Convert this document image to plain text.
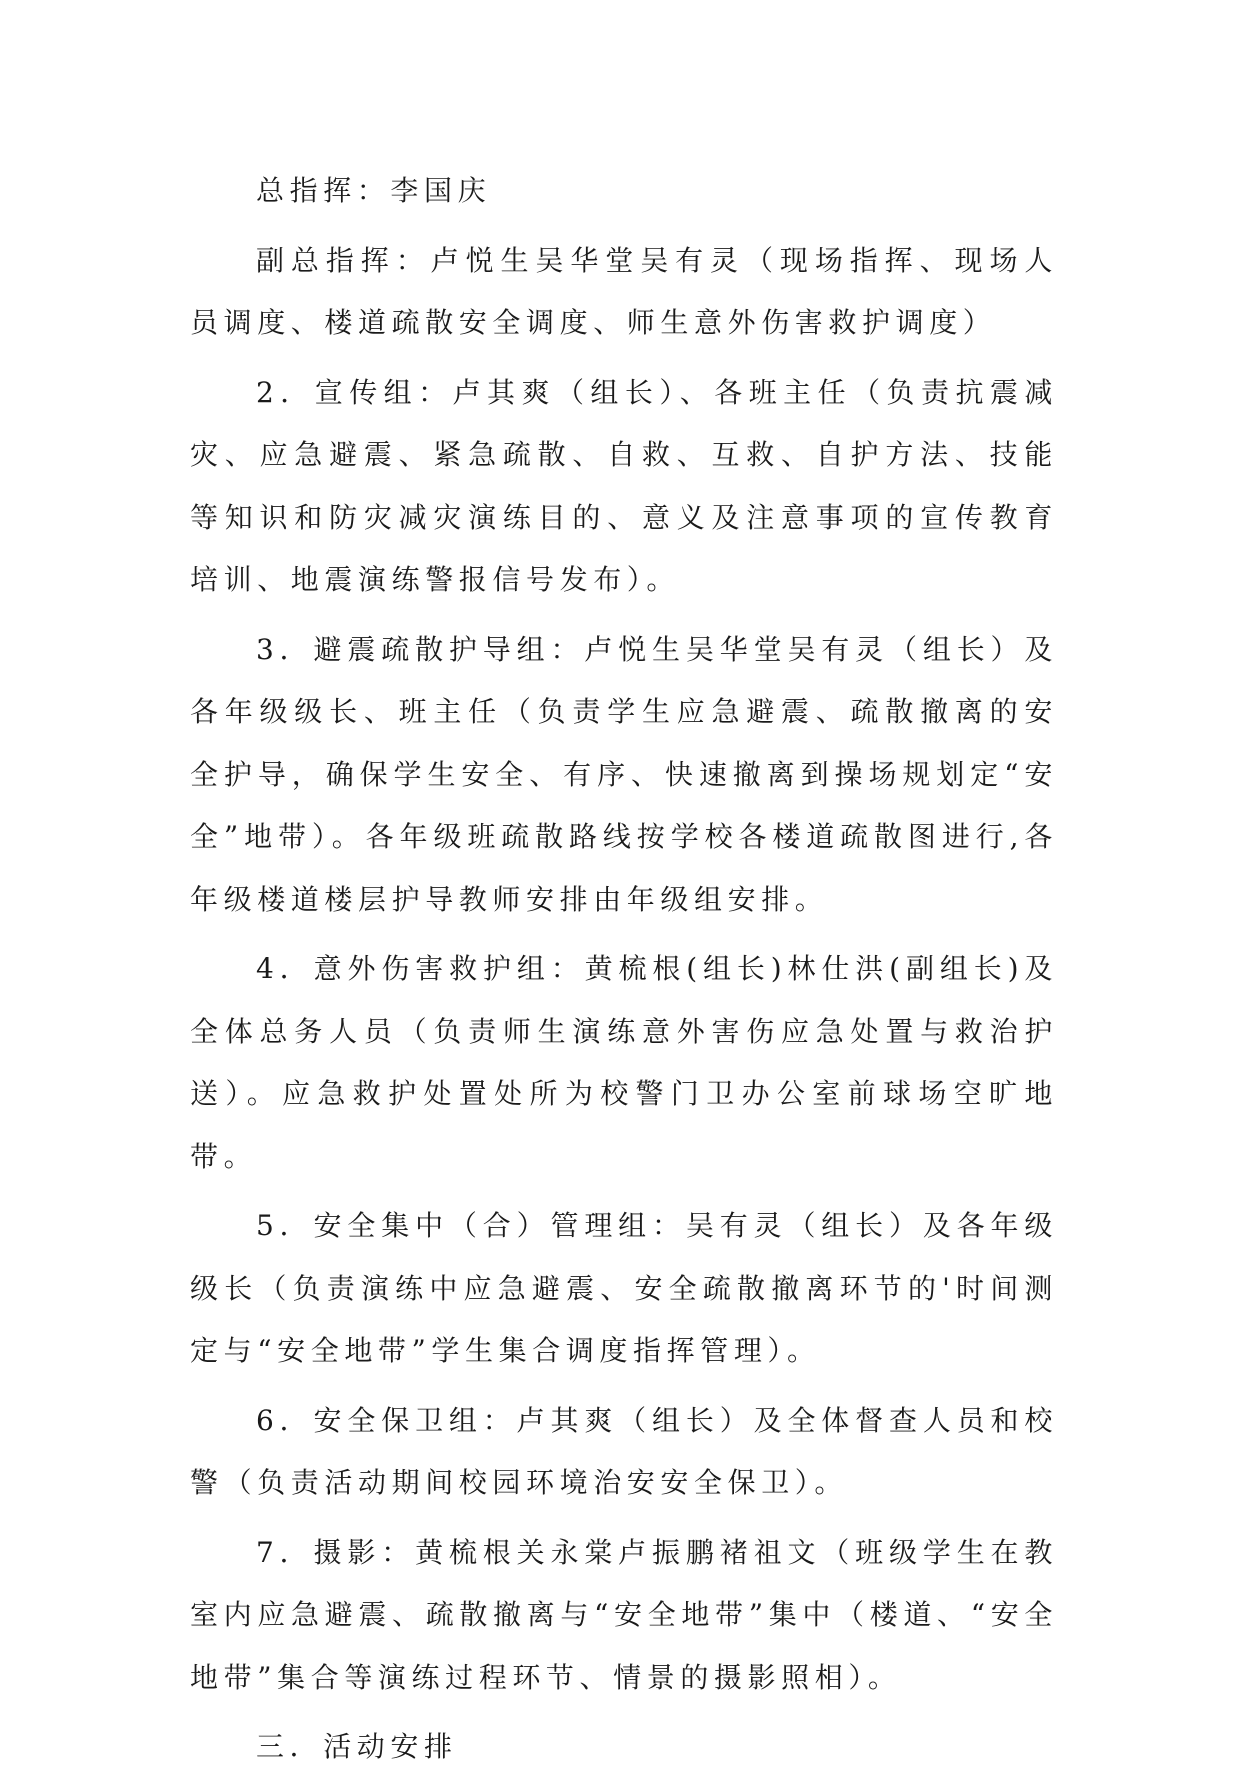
总指挥：李国庆

副总指挥：卢悦生吴华堂吴有灵（现场指挥、现场人员调度、楼道疏散安全调度、师生意外伤害救护调度）

2．宣传组：卢其爽（组长）、各班主任（负责抗震减灾、应急避震、紧急疏散、自救、互救、自护方法、技能等知识和防灾减灾演练目的、意义及注意事项的宣传教育培训、地震演练警报信号发布）。

3．避震疏散护导组：卢悦生吴华堂吴有灵（组长）及各年级级长、班主任（负责学生应急避震、疏散撤离的安全护导，确保学生安全、有序、快速撤离到操场规划定“安全”地带）。各年级班疏散路线按学校各楼道疏散图进行,各年级楼道楼层护导教师安排由年级组安排。

4．意外伤害救护组：黄梳根(组长)林仕洪(副组长)及全体总务人员（负责师生演练意外害伤应急处置与救治护送）。应急救护处置处所为校警门卫办公室前球场空旷地带。

5．安全集中（合）管理组：吴有灵（组长）及各年级级长（负责演练中应急避震、安全疏散撤离环节的'时间测定与“安全地带”学生集合调度指挥管理）。

6．安全保卫组：卢其爽（组长）及全体督查人员和校警（负责活动期间校园环境治安安全保卫）。

7．摄影：黄梳根关永棠卢振鹏褚祖文（班级学生在教室内应急避震、疏散撤离与“安全地带”集中（楼道、“安全地带”集合等演练过程环节、情景的摄影照相）。

三．活动安排
